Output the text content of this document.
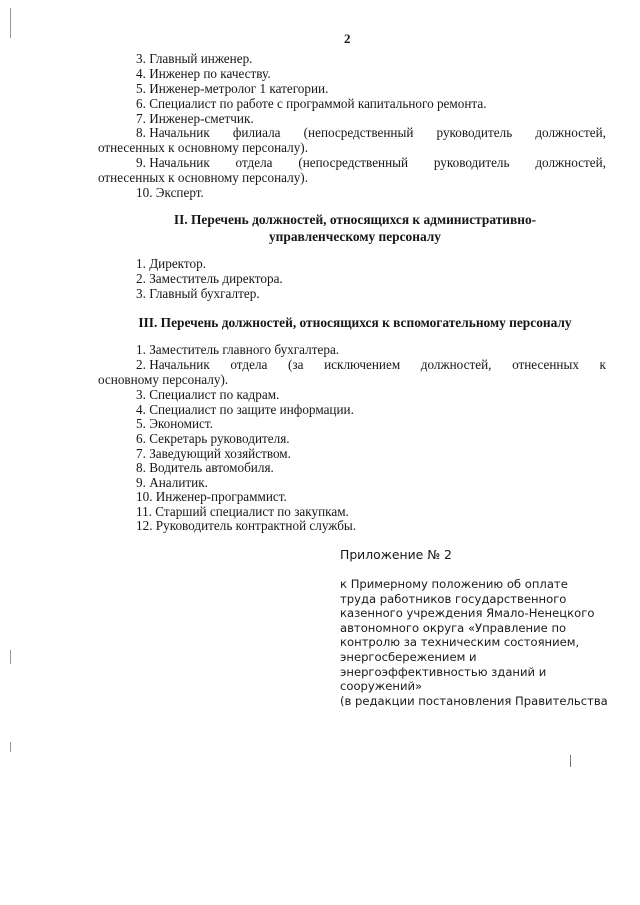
2
3. Главный инженер.
4. Инженер по качеству.
5. Инженер-метролог 1 категории.
6. Специалист по работе с программой капитального ремонта.
7. Инженер-сметчик.
8. Начальник филиала (непосредственный руководитель должностей,
отнесенных к основному персоналу).
9. Начальник отдела (непосредственный руководитель должностей,
отнесенных к основному персоналу).
10. Эксперт.
II. Перечень должностей, относящихся к административно-
управленческому персоналу
1. Директор.
2. Заместитель директора.
3. Главный бухгалтер.
III. Перечень должностей, относящихся к вспомогательному персоналу
1. Заместитель главного бухгалтера.
2. Начальник отдела (за исключением должностей, отнесенных к
основному персоналу).
3. Специалист по кадрам.
4. Специалист по защите информации.
5. Экономист.
6. Секретарь руководителя.
7. Заведующий хозяйством.
8. Водитель автомобиля.
9. Аналитик.
10. Инженер-программист.
11. Старший специалист по закупкам.
12. Руководитель контрактной службы.
Приложение № 2
к Примерному положению об оплате
труда работников государственного
казенного учреждения Ямало-Ненецкого
автономного округа «Управление по
контролю за техническим состоянием,
энергосбережением и
энергоэффективностью зданий и
сооружений»
(в редакции постановления Правительства
